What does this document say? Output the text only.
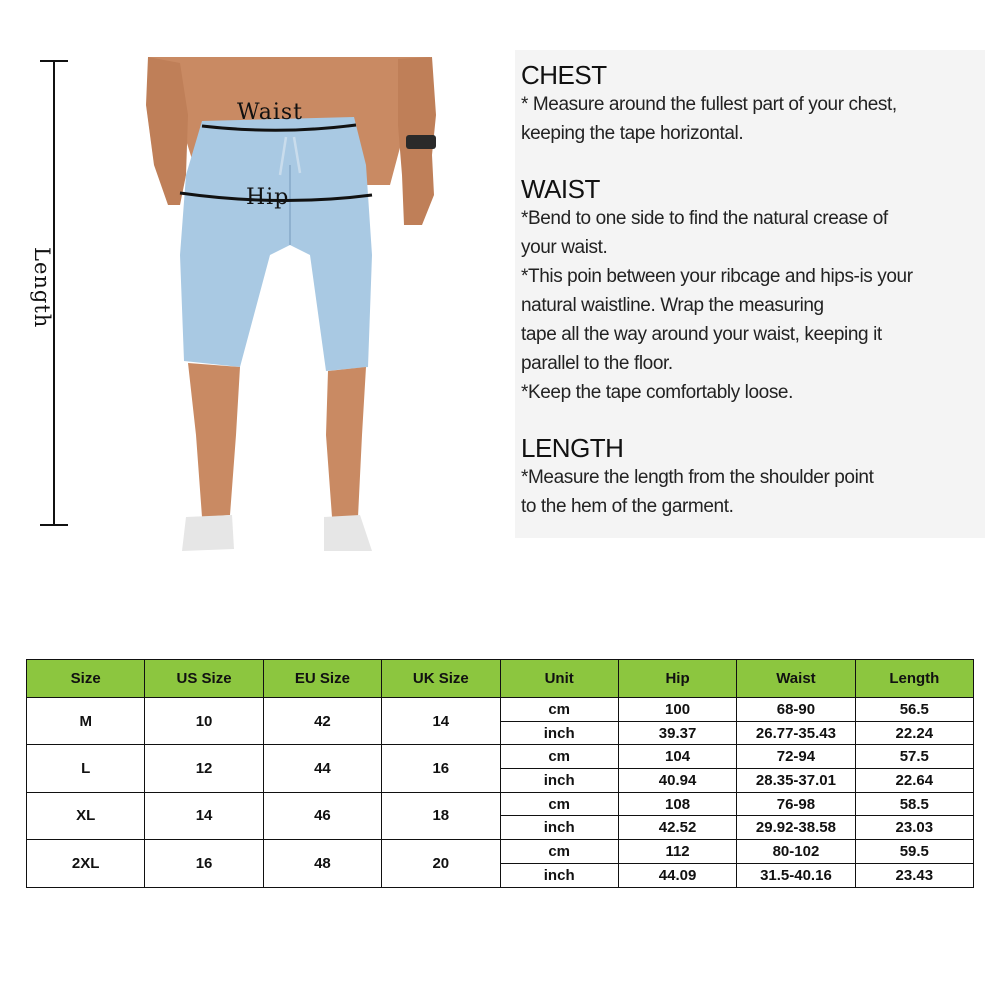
Length
Waist
Hip
CHEST
* Measure around the fullest part of your chest,
keeping the tape horizontal.
WAIST
*Bend to one side to find the natural crease of
your waist.
*This poin between your ribcage and hips-is your
natural waistline. Wrap the measuring
tape all the way around your waist, keeping it
parallel to the floor.
*Keep the tape comfortably loose.
LENGTH
*Measure the length from the shoulder point
to the hem of the garment.
Size	US Size	EU Size	UK Size	Unit	Hip	Waist	Length
M	10	42	14	cm	100	68-90	56.5
				inch	39.37	26.77-35.43	22.24
L	12	44	16	cm	104	72-94	57.5
				inch	40.94	28.35-37.01	22.64
XL	14	46	18	cm	108	76-98	58.5
				inch	42.52	29.92-38.58	23.03
2XL	16	48	20	cm	112	80-102	59.5
				inch	44.09	31.5-40.16	23.43
